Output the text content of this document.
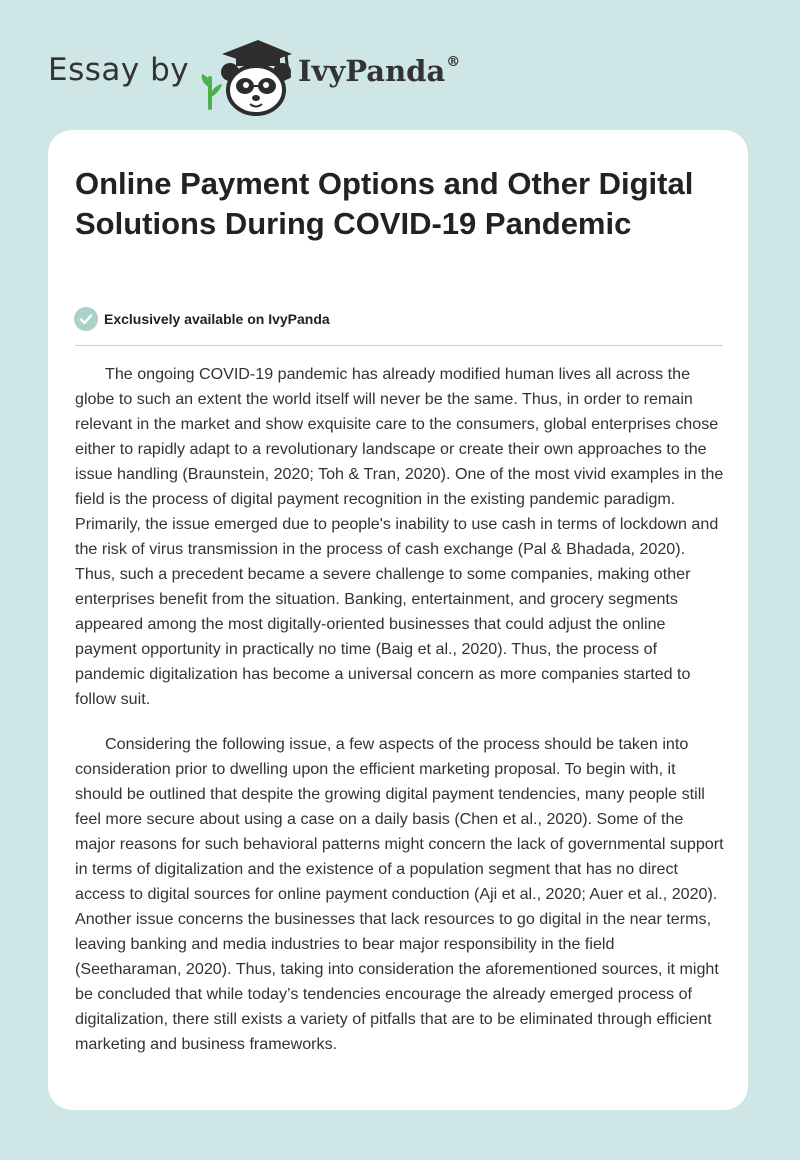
Essay by	IvyPanda®
Online Payment Options and Other Digital Solutions During COVID-19 Pandemic
Exclusively available on IvyPanda

The ongoing COVID-19 pandemic has already modified human lives all across the globe to such an extent the world itself will never be the same. Thus, in order to remain relevant in the market and show exquisite care to the consumers, global enterprises chose either to rapidly adapt to a revolutionary landscape or create their own approaches to the issue handling (Braunstein, 2020; Toh & Tran, 2020). One of the most vivid examples in the field is the process of digital payment recognition in the existing pandemic paradigm. Primarily, the issue emerged due to people's inability to use cash in terms of lockdown and the risk of virus transmission in the process of cash exchange (Pal & Bhadada, 2020). Thus, such a precedent became a severe challenge to some companies, making other enterprises benefit from the situation. Banking, entertainment, and grocery segments appeared among the most digitally-oriented businesses that could adjust the online payment opportunity in practically no time (Baig et al., 2020). Thus, the process of pandemic digitalization has become a universal concern as more companies started to follow suit.

Considering the following issue, a few aspects of the process should be taken into consideration prior to dwelling upon the efficient marketing proposal. To begin with, it should be outlined that despite the growing digital payment tendencies, many people still feel more secure about using a case on a daily basis (Chen et al., 2020). Some of the major reasons for such behavioral patterns might concern the lack of governmental support in terms of digitalization and the existence of a population segment that has no direct access to digital sources for online payment conduction (Aji et al., 2020; Auer et al., 2020). Another issue concerns the businesses that lack resources to go digital in the near terms, leaving banking and media industries to bear major responsibility in the field (Seetharaman, 2020). Thus, taking into consideration the aforementioned sources, it might be concluded that while today’s tendencies encourage the already emerged process of digitalization, there still exists a variety of pitfalls that are to be eliminated through efficient marketing and business frameworks.
